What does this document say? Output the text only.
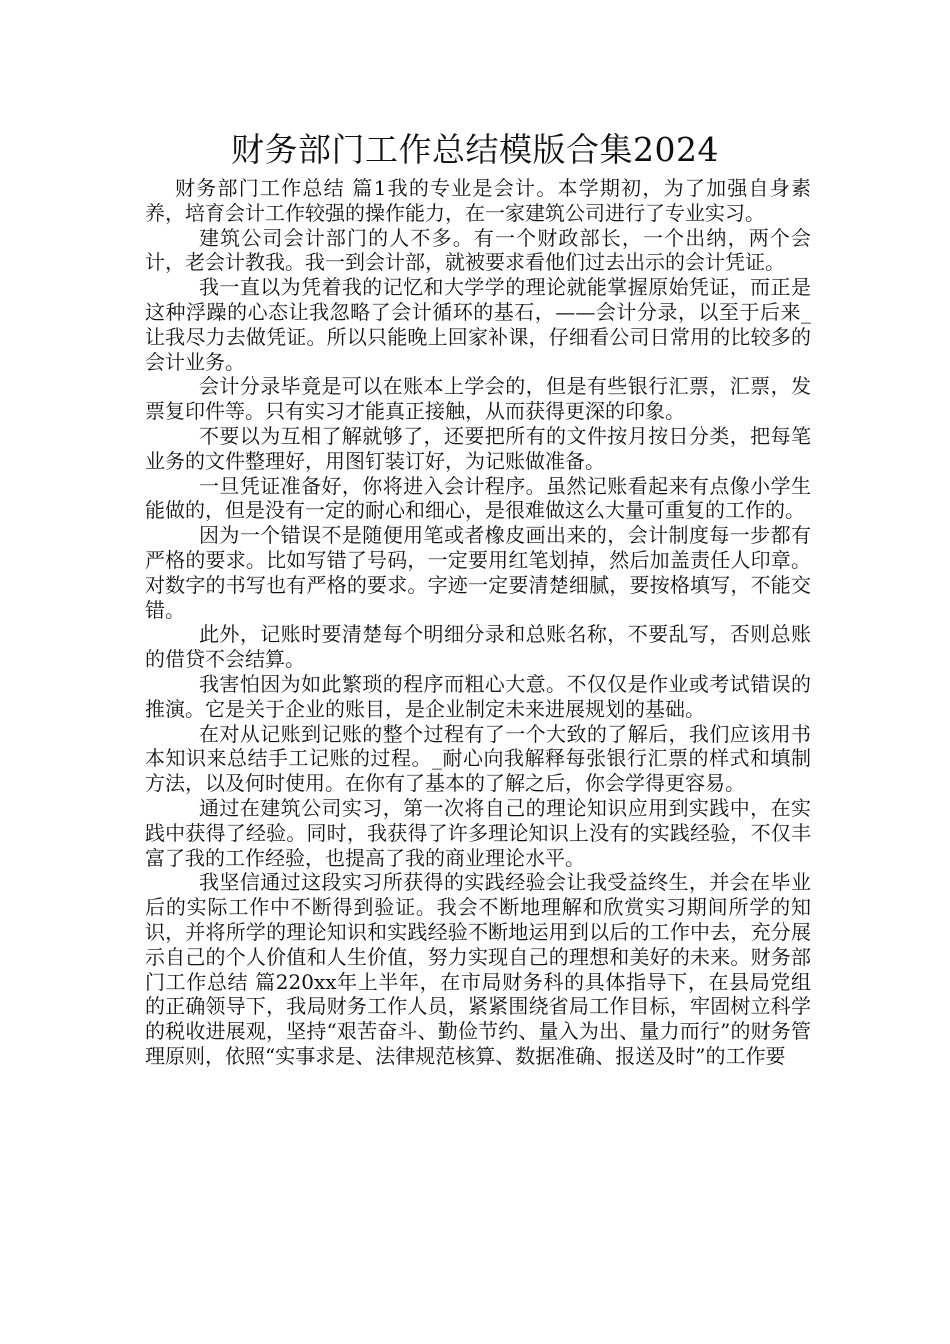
财务部门工作总结模版合集2024

财务部门工作总结 篇1我的专业是会计。本学期初，为了加强自身素养，培育会计工作较强的操作能力，在一家建筑公司进行了专业实习。

建筑公司会计部门的人不多。有一个财政部长，一个出纳，两个会计，老会计教我。我一到会计部，就被要求看他们过去出示的会计凭证。

我一直以为凭着我的记忆和大学学的理论就能掌握原始凭证，而正是这种浮躁的心态让我忽略了会计循环的基石，——会计分录，以至于后来_让我尽力去做凭证。所以只能晚上回家补课，仔细看公司日常用的比较多的会计业务。

会计分录毕竟是可以在账本上学会的，但是有些银行汇票，汇票，发票复印件等。只有实习才能真正接触，从而获得更深的印象。

不要以为互相了解就够了，还要把所有的文件按月按日分类，把每笔业务的文件整理好，用图钉装订好，为记账做准备。

一旦凭证准备好，你将进入会计程序。虽然记账看起来有点像小学生能做的，但是没有一定的耐心和细心，是很难做这么大量可重复的工作的。

因为一个错误不是随便用笔或者橡皮画出来的，会计制度每一步都有严格的要求。比如写错了号码，一定要用红笔划掉，然后加盖责任人印章。对数字的书写也有严格的要求。字迹一定要清楚细腻，要按格填写，不能交错。

此外，记账时要清楚每个明细分录和总账名称，不要乱写，否则总账的借贷不会结算。

我害怕因为如此繁琐的程序而粗心大意。不仅仅是作业或考试错误的推演。它是关于企业的账目，是企业制定未来进展规划的基础。

在对从记账到记账的整个过程有了一个大致的了解后，我们应该用书本知识来总结手工记账的过程。_耐心向我解释每张银行汇票的样式和填制方法，以及何时使用。在你有了基本的了解之后，你会学得更容易。

通过在建筑公司实习，第一次将自己的理论知识应用到实践中，在实践中获得了经验。同时，我获得了许多理论知识上没有的实践经验，不仅丰富了我的工作经验，也提高了我的商业理论水平。

我坚信通过这段实习所获得的实践经验会让我受益终生，并会在毕业后的实际工作中不断得到验证。我会不断地理解和欣赏实习期间所学的知识，并将所学的理论知识和实践经验不断地运用到以后的工作中去，充分展示自己的个人价值和人生价值，努力实现自己的理想和美好的未来。财务部门工作总结 篇220xx年上半年，在市局财务科的具体指导下，在县局党组的正确领导下，我局财务工作人员，紧紧围绕省局工作目标，牢固树立科学的税收进展观，坚持“艰苦奋斗、勤俭节约、量入为出、量力而行”的财务管理原则，依照“实事求是、法律规范核算、数据准确、报送及时”的工作要
